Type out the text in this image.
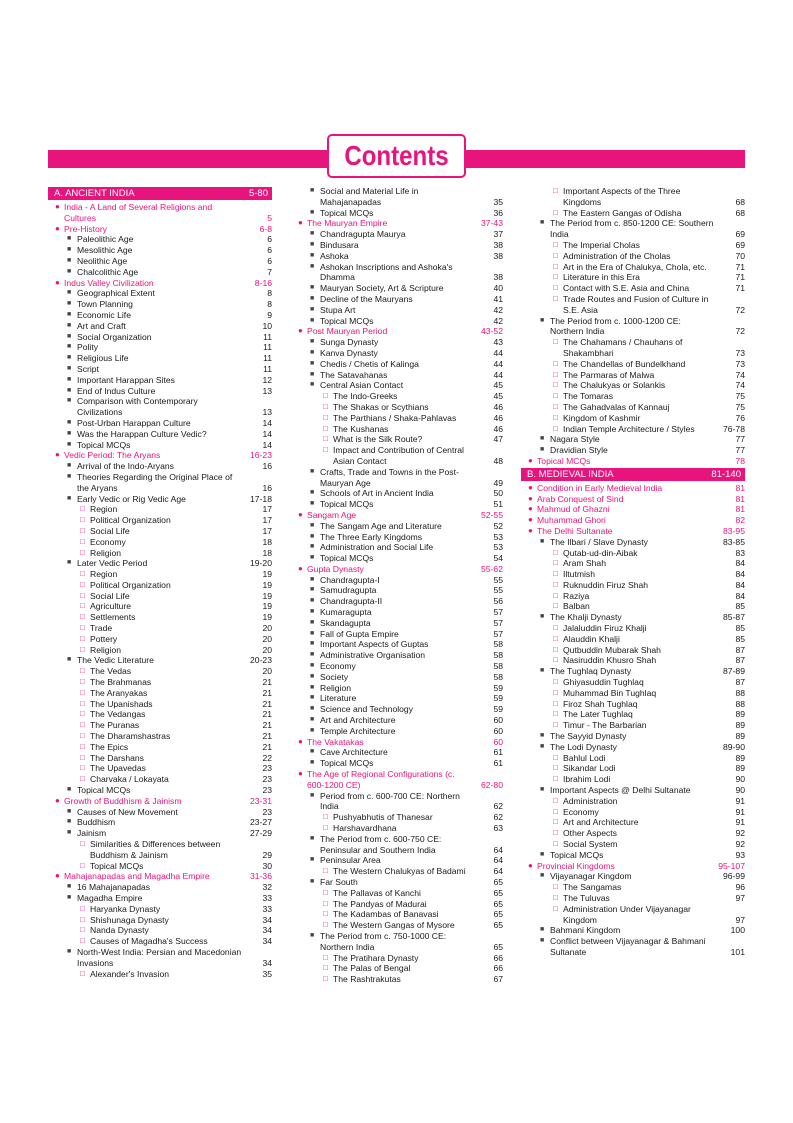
Contents
A. ANCIENT INDIA	5-80
● India - A Land of Several Religions and Cultures	5
● Pre-History	6-8
■ Paleolithic Age	6
■ Mesolithic Age	6
■ Neolithic Age	6
■ Chalcolithic Age	7
● Indus Valley Civilization	8-16
■ Geographical Extent	8
■ Town Planning	8
■ Economic Life	9
■ Art and Craft	10
■ Social Organization	11
■ Polity	11
■ Religious Life	11
■ Script	11
■ Important Harappan Sites	12
■ End of Indus Culture	13
■ Comparison with Contemporary Civilizations	13
■ Post-Urban Harappan Culture	14
■ Was the Harappan Culture Vedic?	14
■ Topical MCQs	14
● Vedic Period: The Aryans	16-23
■ Arrival of the Indo-Aryans	16
■ Theories Regarding the Original Place of the Aryans	16
■ Early Vedic or Rig Vedic Age	17-18
□ Region	17
□ Political Organization	17
□ Social Life	17
□ Economy	18
□ Religion	18
■ Later Vedic Period	19-20
□ Region	19
□ Political Organization	19
□ Social Life	19
□ Agriculture	19
□ Settlements	19
□ Trade	20
□ Pottery	20
□ Religion	20
■ The Vedic Literature	20-23
□ The Vedas	20
□ The Brahmanas	21
□ The Aranyakas	21
□ The Upanishads	21
□ The Vedangas	21
□ The Puranas	21
□ The Dharamshastras	21
□ The Epics	21
□ The Darshans	22
□ The Upavedas	23
□ Charvaka / Lokayata	23
■ Topical MCQs	23
● Growth of Buddhism & Jainism	23-31
■ Causes of New Movement	23
■ Buddhism	23-27
■ Jainism	27-29
□ Similarities & Differences between Buddhism & Jainism	29
□ Topical MCQs	30
● Mahajanapadas and Magadha Empire	31-36
■ 16 Mahajanapadas	32
■ Magadha Empire	33
□ Haryanka Dynasty	33
□ Shishunaga Dynasty	34
□ Nanda Dynasty	34
□ Causes of Magadha's Success	34
■ North-West India: Persian and Macedonian Invasions	34
□ Alexander's Invasion	35
■ Social and Material Life in Mahajanapadas	35
■ Topical MCQs	36
● The Mauryan Empire	37-43
■ Chandragupta Maurya	37
■ Bindusara	38
■ Ashoka	38
■ Ashokan Inscriptions and Ashoka's Dhamma	38
■ Mauryan Society, Art & Scripture	40
■ Decline of the Mauryans	41
■ Stupa Art	42
■ Topical MCQs	42
● Post Mauryan Period	43-52
■ Sunga Dynasty	43
■ Kanva Dynasty	44
■ Chedis / Chetis of Kalinga	44
■ The Satavahanas	44
■ Central Asian Contact	45
□ The Indo-Greeks	45
□ The Shakas or Scythians	46
□ The Parthians / Shaka-Pahlavas	46
□ The Kushanas	46
□ What is the Silk Route?	47
□ Impact and Contribution of Central Asian Contact	48
■ Crafts, Trade and Towns in the Post-Mauryan Age	49
■ Schools of Art in Ancient India	50
■ Topical MCQs	51
● Sangam Age	52-55
■ The Sangam Age and Literature	52
■ The Three Early Kingdoms	53
■ Administration and Social Life	53
■ Topical MCQs	54
● Gupta Dynasty	55-62
■ Chandragupta-I	55
■ Samudragupta	55
■ Chandragupta-II	56
■ Kumaragupta	57
■ Skandagupta	57
■ Fall of Gupta Empire	57
■ Important Aspects of Guptas	58
■ Administrative Organisation	58
■ Economy	58
■ Society	58
■ Religion	59
■ Literature	59
■ Science and Technology	59
■ Art and Architecture	60
■ Temple Architecture	60
● The Vakatakas	60
■ Cave Architecture	61
■ Topical MCQs	61
● The Age of Regional Configurations (c. 600-1200 CE)	62-80
■ Period from c. 600-700 CE: Northern India	62
□ Pushyabhutis of Thanesar	62
□ Harshavardhana	63
■ The Period from c. 600-750 CE: Peninsular and Southern India	64
■ Peninsular Area	64
□ The Western Chalukyas of Badami	64
■ Far South	65
□ The Pallavas of Kanchi	65
□ The Pandyas of Madurai	65
□ The Kadambas of Banavasi	65
□ The Western Gangas of Mysore	65
■ The Period from c. 750-1000 CE: Northern India	65
□ The Pratihara Dynasty	66
□ The Palas of Bengal	66
□ The Rashtrakutas	67
□ Important Aspects of the Three Kingdoms	68
□ The Eastern Gangas of Odisha	68
■ The Period from c. 850-1200 CE: Southern India	69
□ The Imperial Cholas	69
□ Administration of the Cholas	70
□ Art in the Era of Chalukya, Chola, etc.	71
□ Literature in this Era	71
□ Contact with S.E. Asia and China	71
□ Trade Routes and Fusion of Culture in S.E. Asia	72
■ The Period from c. 1000-1200 CE: Northern India	72
□ The Chahamans / Chauhans of Shakambhari	73
□ The Chandellas of Bundelkhand	73
□ The Parmaras of Malwa	74
□ The Chalukyas or Solankis	74
□ The Tomaras	75
□ The Gahadvalas of Kannauj	75
□ Kingdom of Kashmir	76
□ Indian Temple Architecture / Styles	76-78
■ Nagara Style	77
■ Dravidian Style	77
● Topical MCQs	78
B. MEDIEVAL INDIA	81-140
● Condition in Early Medieval India	81
● Arab Conquest of Sind	81
● Mahmud of Ghazni	81
● Muhammad Ghori	82
● The Delhi Sultanate	83-95
■ The Ilbari / Slave Dynasty	83-85
□ Qutab-ud-din-Aibak	83
□ Aram Shah	84
□ Iltutmish	84
□ Ruknuddin Firuz Shah	84
□ Raziya	84
□ Balban	85
■ The Khalji Dynasty	85-87
□ Jalaluddin Firuz Khalji	85
□ Alauddin Khalji	85
□ Qutbuddin Mubarak Shah	87
□ Nasiruddin Khusro Shah	87
■ The Tughlaq Dynasty	87-89
□ Ghiyasuddin Tughlaq	87
□ Muhammad Bin Tughlaq	88
□ Firoz Shah Tughlaq	88
□ The Later Tughlaq	89
□ Timur - The Barbarian	89
■ The Sayyid Dynasty	89
■ The Lodi Dynasty	89-90
□ Bahlul Lodi	89
□ Sikandar Lodi	89
□ Ibrahim Lodi	90
■ Important Aspects @ Delhi Sultanate	90
□ Administration	91
□ Economy	91
□ Art and Architecture	91
□ Other Aspects	92
□ Social System	92
■ Topical MCQs	93
● Provincial Kingdoms	95-107
■ Vijayanagar Kingdom	96-99
□ The Sangamas	96
□ The Tuluvas	97
□ Administration Under Vijayanagar Kingdom	97
■ Bahmani Kingdom	100
■ Conflict between Vijayanagar & Bahmani Sultanate	101
